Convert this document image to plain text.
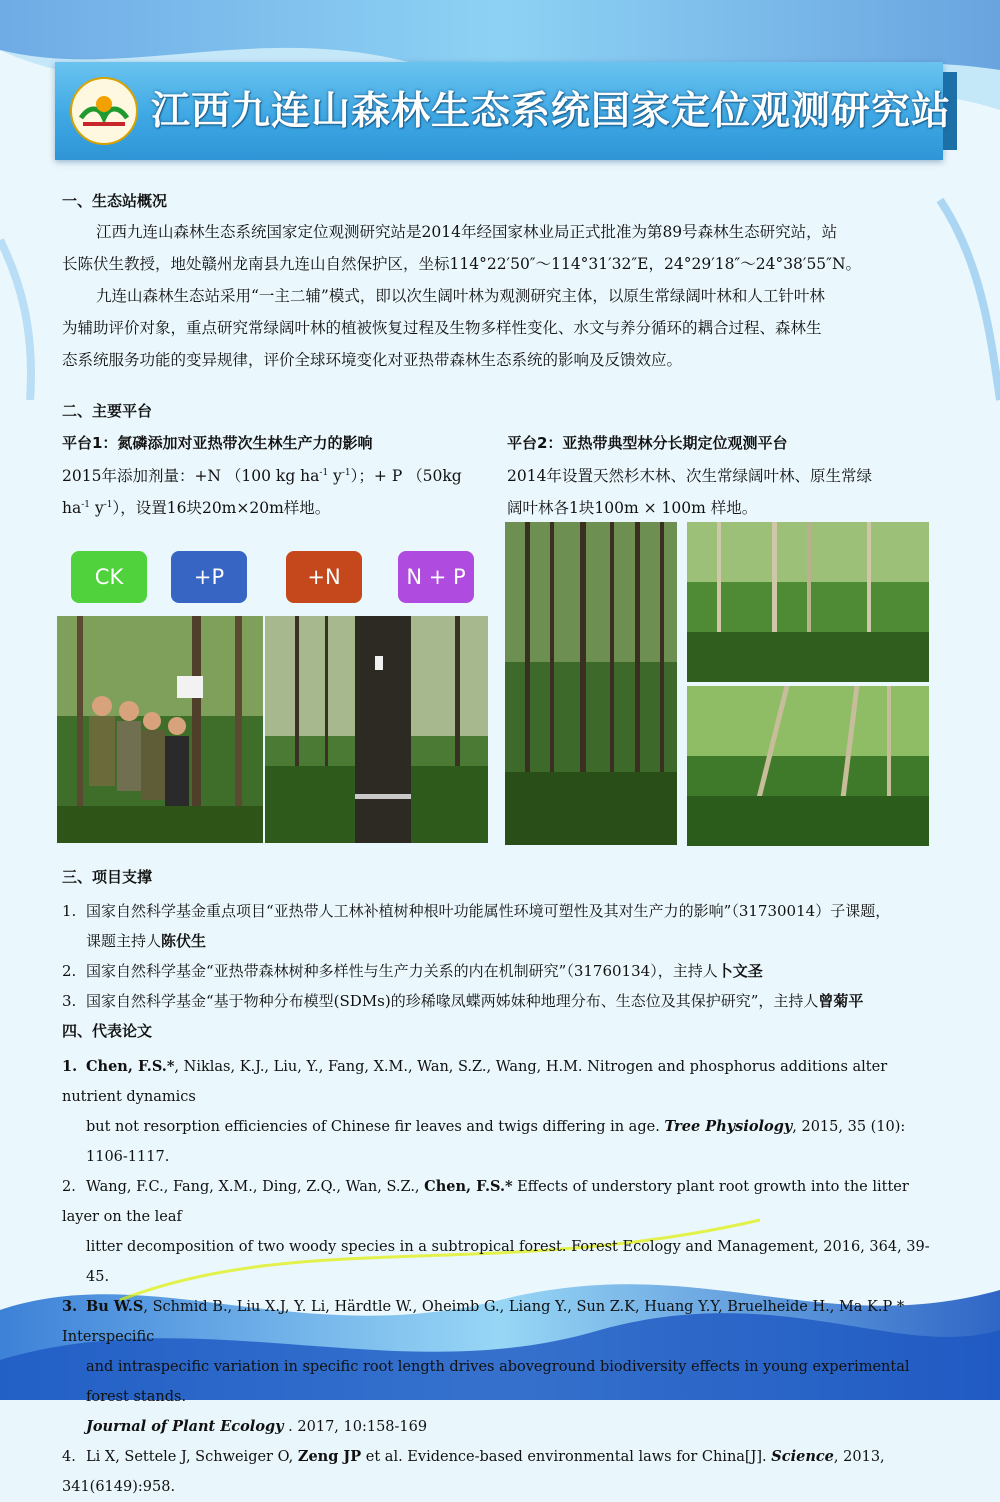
江西九连山森林生态系统国家定位观测研究站
一、生态站概况
江西九连山森林生态系统国家定位观测研究站是2014年经国家林业局正式批准为第89号森林生态研究站，站
长陈伏生教授，地处赣州龙南县九连山自然保护区，坐标114°22′50″～114°31′32″E，24°29′18″～24°38′55″N。
九连山森林生态站采用“一主二辅”模式，即以次生阔叶林为观测研究主体，以原生常绿阔叶林和人工针叶林
为辅助评价对象，重点研究常绿阔叶林的植被恢复过程及生物多样性变化、水文与养分循环的耦合过程、森林生
态系统服务功能的变异规律，评价全球环境变化对亚热带森林生态系统的影响及反馈效应。
二、主要平台
平台1：氮磷添加对亚热带次生林生产力的影响
2015年添加剂量：+N （100 kg $ha^{-1}$ $y^{-1}$）；+ P （50kg
$ha^{-1}$ $y^{-1}$），设置16块20m×20m样地。
平台2：亚热带典型林分长期定位观测平台
2014年设置天然杉木林、次生常绿阔叶林、原生常绿
阔叶林各1块100m × 100m 样地。
CK	+P	+N	N + P
三、项目支撑
1. 国家自然科学基金重点项目“亚热带人工林补植树种根叶功能属性环境可塑性及其对生产力的影响”（31730014）子课题，
课题主持人陈伏生
2. 国家自然科学基金“亚热带森林树种多样性与生产力关系的内在机制研究”（31760134），主持人卜文圣
3. 国家自然科学基金“基于物种分布模型(SDMs)的珍稀喙凤蝶两姊妹种地理分布、生态位及其保护研究”，主持人曾菊平
四、代表论文
1. Chen, F.S.*, Niklas, K.J., Liu, Y., Fang, X.M., Wan, S.Z., Wang, H.M. Nitrogen and phosphorus additions alter nutrient dynamics
but not resorption efficiencies of Chinese fir leaves and twigs differing in age. Tree Physiology, 2015, 35 (10): 1106-1117.
2. Wang, F.C., Fang, X.M., Ding, Z.Q., Wan, S.Z., Chen, F.S.* Effects of understory plant root growth into the litter layer on the leaf
litter decomposition of two woody species in a subtropical forest. Forest Ecology and Management, 2016, 364, 39-45.
3. Bu W.S, Schmid B., Liu X.J, Y. Li, Härdtle W., Oheimb G., Liang Y., Sun Z.K, Huang Y.Y, Bruelheide H., Ma K.P * Interspecific
and intraspecific variation in specific root length drives aboveground biodiversity effects in young experimental forest stands.
Journal of Plant Ecology . 2017, 10:158-169
4. Li X, Settele J, Schweiger O, Zeng JP et al. Evidence-based environmental laws for China[J]. Science, 2013, 341(6149):958.
